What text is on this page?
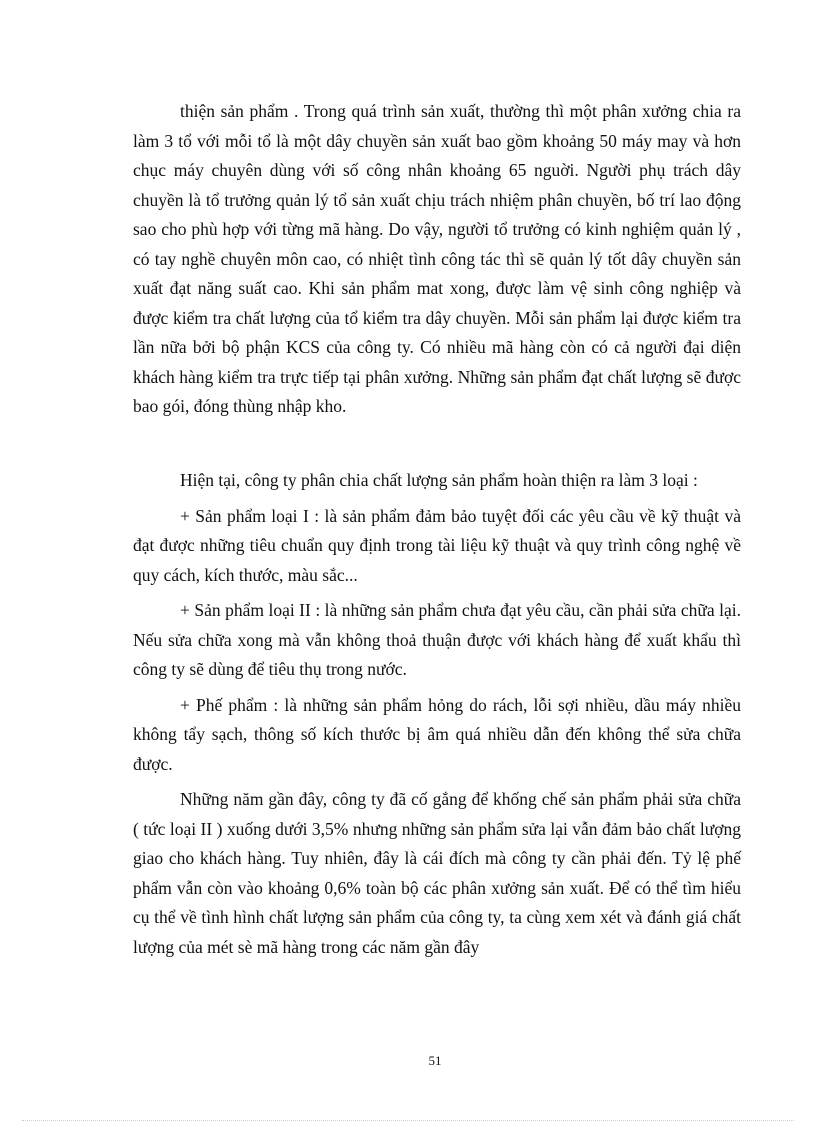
thiện sản phẩm . Trong quá trình sản xuất, thường thì một phân xưởng chia ra làm 3 tổ với mỗi tổ là một dây chuyền sản xuất bao gồm khoảng 50 máy may và hơn chục máy chuyên dùng với số công nhân khoảng 65 nguời. Người phụ trách dây chuyền là tổ trưởng quản lý tổ sản xuất chịu trách nhiệm phân chuyền, bố trí lao động sao cho phù hợp với từng mã hàng. Do vậy, người tổ trưởng có kinh nghiệm quản lý , có tay nghề chuyên môn cao, có nhiệt tình công tác thì sẽ quản lý tốt dây chuyền sản xuất đạt năng suất cao. Khi sản phẩm mat xong, được làm vệ sinh công nghiệp và được kiểm tra chất lượng của tổ kiểm tra dây chuyền. Mỗi sản phẩm lại được kiểm tra lần nữa bởi bộ phận KCS của công ty. Có nhiều mã hàng còn có cả người đại diện khách hàng kiểm tra trực tiếp tại phân xưởng. Những sản phẩm đạt chất lượng sẽ được bao gói, đóng thùng nhập kho.

Hiện tại, công ty phân chia chất lượng sản phẩm hoàn thiện ra làm 3 loại :

+ Sản phẩm loại I : là sản phẩm đảm bảo tuyệt đối các yêu cầu về kỹ thuật và đạt được những tiêu chuẩn quy định trong tài liệu kỹ thuật và quy trình công nghệ về quy cách, kích thước, màu sắc...

+ Sản phẩm loại II : là những sản phẩm chưa đạt yêu cầu, cần phải sửa chữa lại. Nếu sửa chữa xong mà vẫn không thoả thuận được với khách hàng để xuất khẩu thì công ty sẽ dùng để tiêu thụ trong nước.

+ Phế phẩm : là những sản phẩm hỏng do rách, lỗi sợi nhiều, dầu máy nhiều không tẩy sạch, thông số kích thước bị âm quá nhiều dẫn đến không thể sửa chữa được.

Những năm gần đây, công ty đã cố gắng để khống chế sản phẩm phải sửa chữa ( tức loại II ) xuống dưới 3,5% nhưng những sản phẩm sửa lại vẫn đảm bảo chất lượng giao cho khách hàng. Tuy nhiên, đây là cái đích mà công ty cần phải đến. Tỷ lệ phế phẩm vẫn còn vào khoảng 0,6% toàn bộ các phân xưởng sản xuất. Để có thể tìm hiểu cụ thể về tình hình chất lượng sản phẩm của công ty, ta cùng xem xét và đánh giá chất lượng của mét sè mã hàng trong các năm gần đây

51
